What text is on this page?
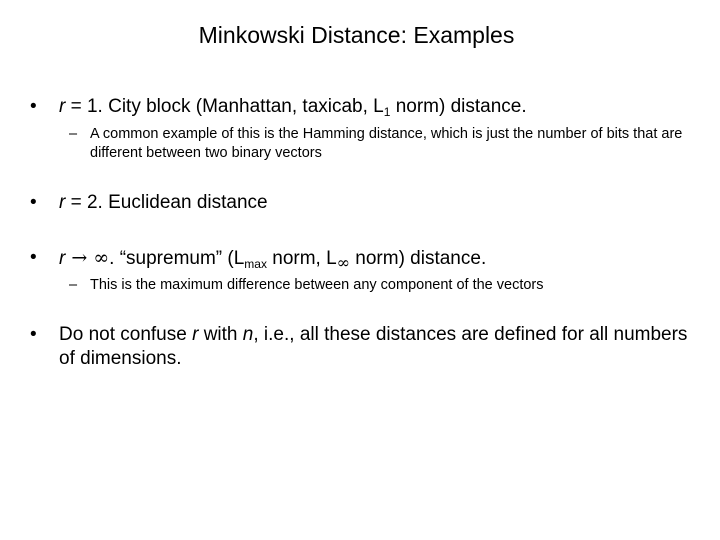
Minkowski Distance: Examples
• r = 1. City block (Manhattan, taxicab, $L_1$ norm) distance.
– A common example of this is the Hamming distance, which is just the number of bits that are different between two binary vectors
• r = 2. Euclidean distance
• r → ∞. “supremum” ($L_{max}$ norm, $L_\infty$ norm) distance.
– This is the maximum difference between any component of the vectors
• Do not confuse r with n, i.e., all these distances are defined for all numbers of dimensions.
